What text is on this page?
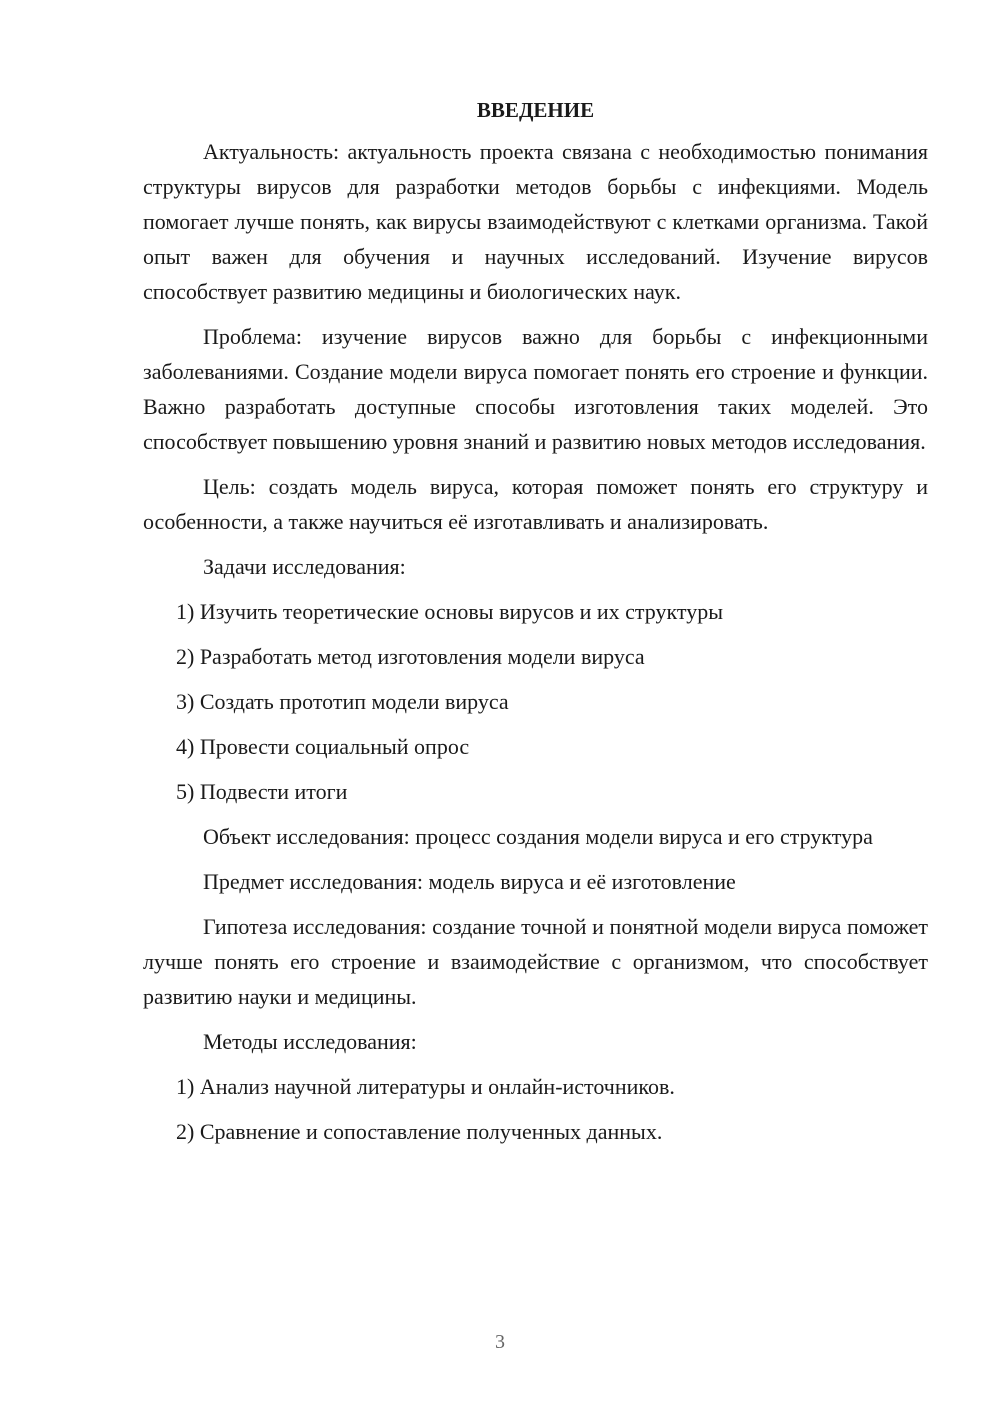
ВВЕДЕНИЕ

Актуальность: актуальность проекта связана с необходимостью понимания структуры вирусов для разработки методов борьбы с инфекциями. Модель помогает лучше понять, как вирусы взаимодействуют с клетками организма. Такой опыт важен для обучения и научных исследований. Изучение вирусов способствует развитию медицины и биологических наук.

Проблема: изучение вирусов важно для борьбы с инфекционными заболеваниями. Создание модели вируса помогает понять его строение и функции. Важно разработать доступные способы изготовления таких моделей. Это способствует повышению уровня знаний и развитию новых методов исследования.

Цель: создать модель вируса, которая поможет понять его структуру и особенности, а также научиться её изготавливать и анализировать.

Задачи исследования:

1) Изучить теоретические основы вирусов и их структуры

2) Разработать метод изготовления модели вируса

3) Создать прототип модели вируса

4) Провести социальный опрос

5) Подвести итоги

Объект исследования: процесс создания модели вируса и его структура

Предмет исследования: модель вируса и её изготовление

Гипотеза исследования: создание точной и понятной модели вируса поможет лучше понять его строение и взаимодействие с организмом, что способствует развитию науки и медицины.

Методы исследования:

1) Анализ научной литературы и онлайн-источников.

2) Сравнение и сопоставление полученных данных.

3
